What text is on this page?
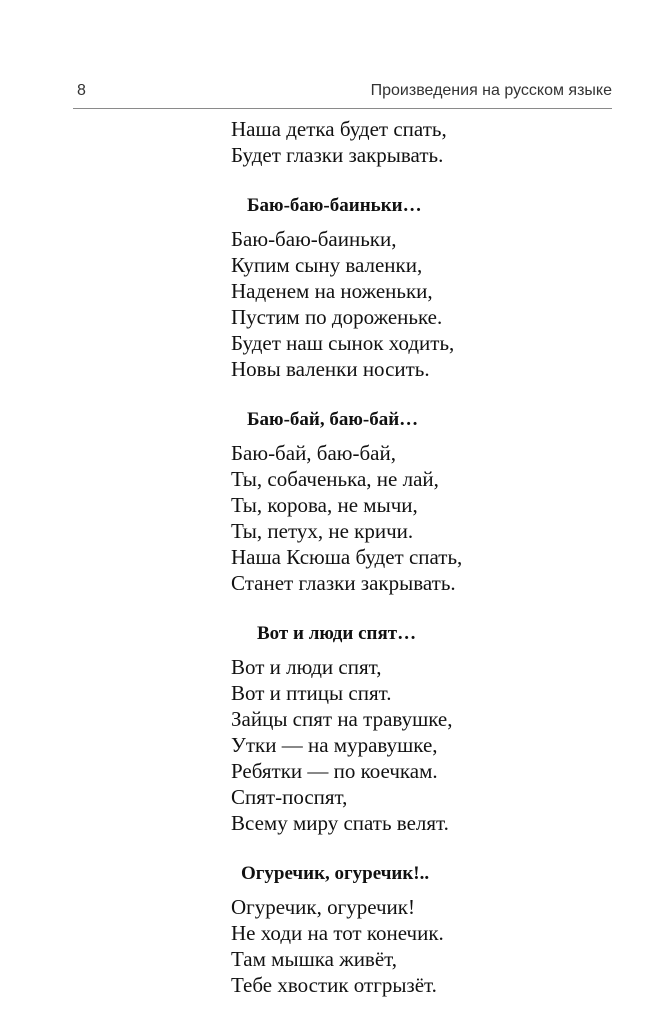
8	Произведения на русском языке
Наша детка будет спать,
Будет глазки закрывать.
Баю-баю-баиньки…
Баю-баю-баиньки,
Купим сыну валенки,
Наденем на ноженьки,
Пустим по дороженьке.
Будет наш сынок ходить,
Новы валенки носить.
Баю-бай, баю-бай…
Баю-бай, баю-бай,
Ты, собаченька, не лай,
Ты, корова, не мычи,
Ты, петух, не кричи.
Наша Ксюша будет спать,
Станет глазки закрывать.
Вот и люди спят…
Вот и люди спят,
Вот и птицы спят.
Зайцы спят на травушке,
Утки — на муравушке,
Ребятки — по коечкам.
Спят-поспят,
Всему миру спать велят.
Огуречик, огуречик!..
Огуречик, огуречик!
Не ходи на тот конечик.
Там мышка живёт,
Тебе хвостик отгрызёт.
